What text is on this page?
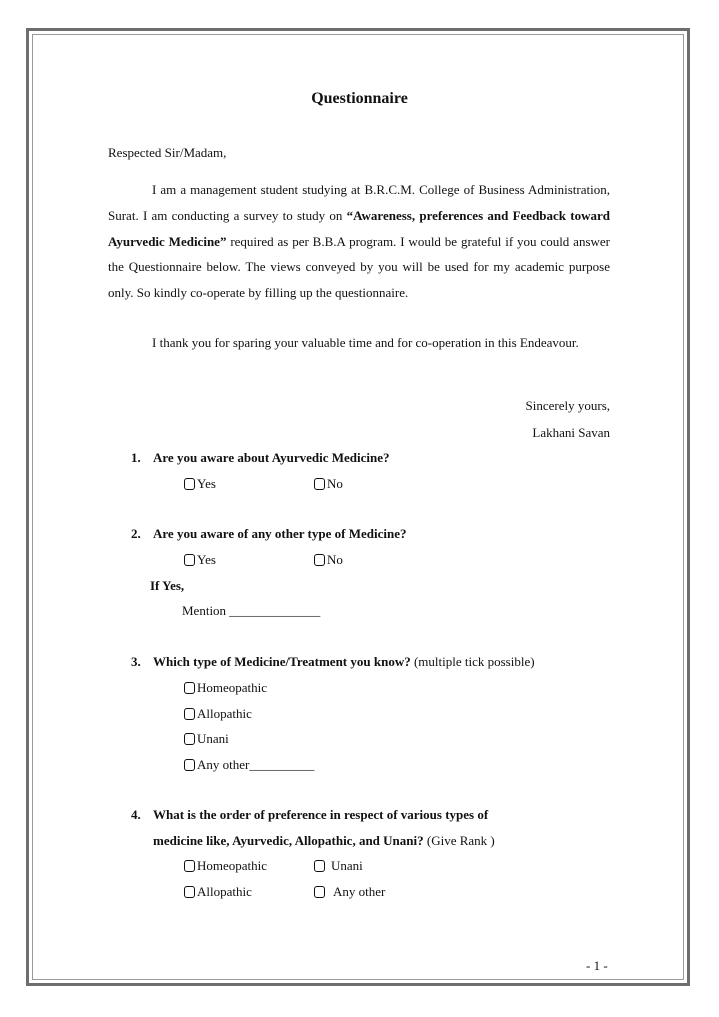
Questionnaire
Respected Sir/Madam,
I am a management student studying at B.R.C.M. College of Business Administration, Surat. I am conducting a survey to study on “Awareness, preferences and Feedback toward Ayurvedic Medicine” required as per B.B.A program. I would be grateful if you could answer the Questionnaire below. The views conveyed by you will be used for my academic purpose only. So kindly co-operate by filling up the questionnaire.
I thank you for sparing your valuable time and for co-operation in this Endeavour.
Sincerely yours,
Lakhani Savan
1. Are you aware about Ayurvedic Medicine?
Yes	No
2. Are you aware of any other type of Medicine?
Yes	No
If Yes,
Mention ______________
3. Which type of Medicine/Treatment you know? (multiple tick possible)
Homeopathic
Allopathic
Unani
Any other__________
4. What is the order of preference in respect of various types of
medicine like, Ayurvedic, Allopathic, and Unani? (Give Rank )
Homeopathic	Unani
Allopathic	Any other
- 1 -
